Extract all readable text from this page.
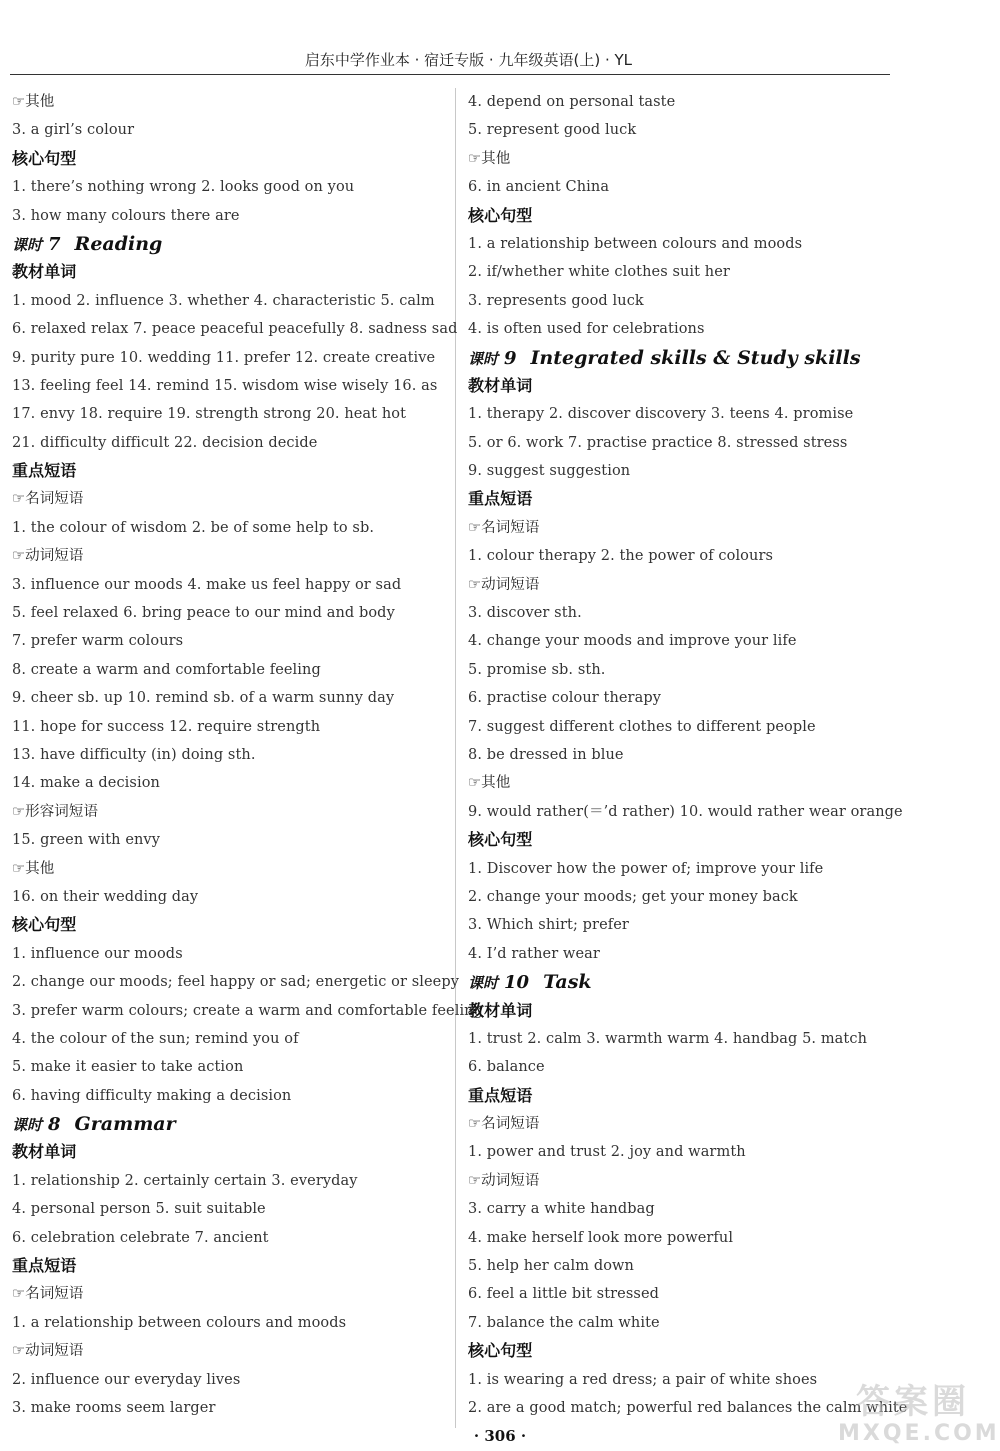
启东中学作业本 · 宿迁专版 · 九年级英语(上) · YL
☞其他
3. a girl’s colour
核心句型
1. there’s nothing wrong 2. looks good on you
3. how many colours there are
课时 7 Reading
教材单词
1. mood 2. influence 3. whether 4. characteristic 5. calm
6. relaxed relax 7. peace peaceful peacefully 8. sadness sad
9. purity pure 10. wedding 11. prefer 12. create creative
13. feeling feel 14. remind 15. wisdom wise wisely 16. as
17. envy 18. require 19. strength strong 20. heat hot
21. difficulty difficult 22. decision decide
重点短语
☞名词短语
1. the colour of wisdom 2. be of some help to sb.
☞动词短语
3. influence our moods 4. make us feel happy or sad
5. feel relaxed 6. bring peace to our mind and body
7. prefer warm colours
8. create a warm and comfortable feeling
9. cheer sb. up 10. remind sb. of a warm sunny day
11. hope for success 12. require strength
13. have difficulty (in) doing sth.
14. make a decision
☞形容词短语
15. green with envy
☞其他
16. on their wedding day
核心句型
1. influence our moods
2. change our moods; feel happy or sad; energetic or sleepy
3. prefer warm colours; create a warm and comfortable feeling
4. the colour of the sun; remind you of
5. make it easier to take action
6. having difficulty making a decision
课时 8 Grammar
教材单词
1. relationship 2. certainly certain 3. everyday
4. personal person 5. suit suitable
6. celebration celebrate 7. ancient
重点短语
☞名词短语
1. a relationship between colours and moods
☞动词短语
2. influence our everyday lives
3. make rooms seem larger
4. depend on personal taste
5. represent good luck
☞其他
6. in ancient China
核心句型
1. a relationship between colours and moods
2. if/whether white clothes suit her
3. represents good luck
4. is often used for celebrations
课时 9 Integrated skills & Study skills
教材单词
1. therapy 2. discover discovery 3. teens 4. promise
5. or 6. work 7. practise practice 8. stressed stress
9. suggest suggestion
重点短语
☞名词短语
1. colour therapy 2. the power of colours
☞动词短语
3. discover sth.
4. change your moods and improve your life
5. promise sb. sth.
6. practise colour therapy
7. suggest different clothes to different people
8. be dressed in blue
☞其他
9. would rather(＝’d rather) 10. would rather wear orange
核心句型
1. Discover how the power of; improve your life
2. change your moods; get your money back
3. Which shirt; prefer
4. I’d rather wear
课时 10 Task
教材单词
1. trust 2. calm 3. warmth warm 4. handbag 5. match
6. balance
重点短语
☞名词短语
1. power and trust 2. joy and warmth
☞动词短语
3. carry a white handbag
4. make herself look more powerful
5. help her calm down
6. feel a little bit stressed
7. balance the calm white
核心句型
1. is wearing a red dress; a pair of white shoes
2. are a good match; powerful red balances the calm white
· 306 ·
答案圈
MXQE.COM
